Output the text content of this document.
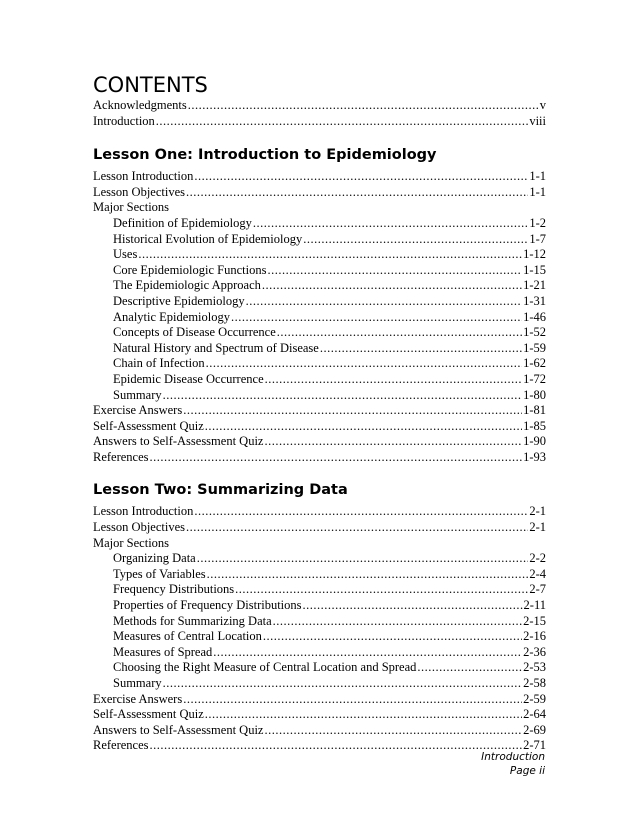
CONTENTS
Acknowledgments .....	v
Introduction .....	viii
Lesson One: Introduction to Epidemiology
Lesson Introduction .....	1-1
Lesson Objectives .....	1-1
Major Sections
Definition of Epidemiology .....	1-2
Historical Evolution of Epidemiology .....	1-7
Uses .....	1-12
Core Epidemiologic Functions .....	1-15
The Epidemiologic Approach .....	1-21
Descriptive Epidemiology .....	1-31
Analytic Epidemiology .....	1-46
Concepts of Disease Occurrence .....	1-52
Natural History and Spectrum of Disease .....	1-59
Chain of Infection .....	1-62
Epidemic Disease Occurrence .....	1-72
Summary .....	1-80
Exercise Answers .....	1-81
Self-Assessment Quiz .....	1-85
Answers to Self-Assessment Quiz .....	1-90
References .....	1-93
Lesson Two: Summarizing Data
Lesson Introduction .....	2-1
Lesson Objectives .....	2-1
Major Sections
Organizing Data .....	2-2
Types of Variables .....	2-4
Frequency Distributions .....	2-7
Properties of Frequency Distributions .....	2-11
Methods for Summarizing Data .....	2-15
Measures of Central Location .....	2-16
Measures of Spread .....	2-36
Choosing the Right Measure of Central Location and Spread .....	2-53
Summary .....	2-58
Exercise Answers .....	2-59
Self-Assessment Quiz .....	2-64
Answers to Self-Assessment Quiz .....	2-69
References .....	2-71
Introduction
Page ii
